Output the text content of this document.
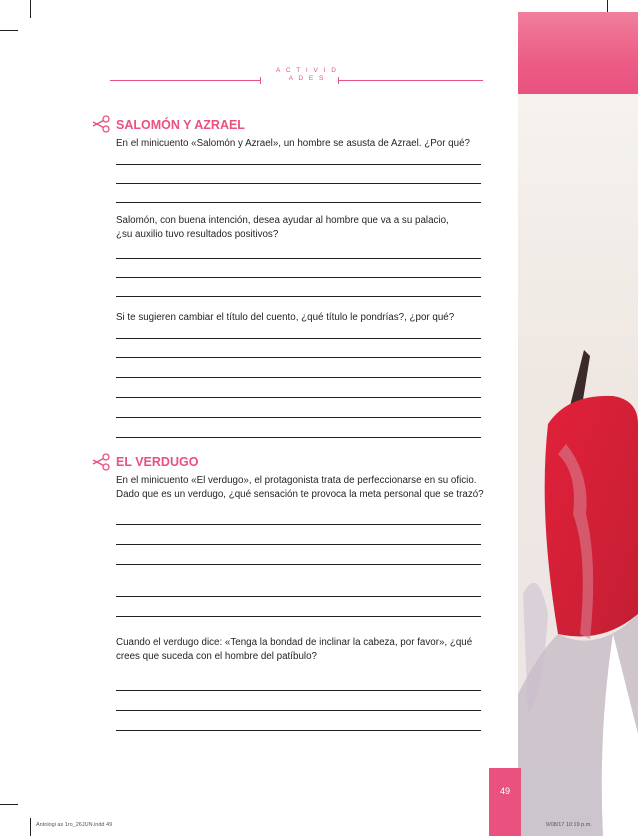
49
A C T I V I D
A D E S
SALOMÓN Y AZRAEL
En el minicuento «Salomón y Azrael», un hombre se asusta de Azrael. ¿Por qué?
Salomón, con buena intención, desea ayudar al hombre que va a su palacio, ¿su auxilio tuvo resultados positivos?
Si te sugieren cambiar el título del cuento, ¿qué título le pondrías?, ¿por qué?
EL VERDUGO
En el minicuento «El verdugo», el protagonista trata de perfeccionarse en su oficio. Dado que es un verdugo, ¿qué sensación te provoca la meta personal que se trazó?
Cuando el verdugo dice: «Tenga la bondad de inclinar la cabeza, por favor», ¿qué crees que suceda con el hombre del patíbulo?
Antologi as 1ro_26JUN.indd 49	9/08/17 10:19 p.m.
